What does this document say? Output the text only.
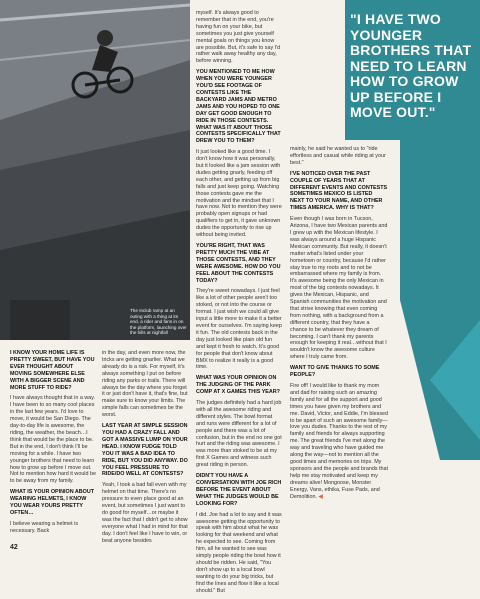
The Inclub ramp at an outing with a thing at its end, a rider and fans in on the platform, launching over the hills at nightfall
"I HAVE TWO YOUNGER BROTHERS THAT NEED TO LEARN HOW TO GROW UP BEFORE I MOVE OUT."

I KNOW YOUR HOME LIFE IS PRETTY SWEET, BUT HAVE YOU EVER THOUGHT ABOUT MOVING SOMEWHERE ELSE WITH A BIGGER SCENE AND MORE STUFF TO RIDE?

I have always thought that in a way. I have been to so many cool places in the last few years. I'd love to move, it would be San Diego. The day-to-day life is awesome, the riding, the weather, the beach…I think that would be the place to be. But in the end, I don't think I'll be moving for a while. I have two younger brothers that need to learn how to grow up before I move out. Not to mention how hard it would be to be away from my family.

WHAT IS YOUR OPINION ABOUT WEARING HELMETS, I KNOW YOU WEAR YOURS PRETTY OFTEN…

I believe wearing a helmet is necessary. Back

in the day, and even more now, the tricks are getting gnarlier. What we already do is a risk. For myself, it's always something I put on before riding any parks or trails. There will always be the day where you forget it or just don't have it, that's fine, but make sure to know your limits. The simple falls can sometimes be the worst.

LAST YEAR AT SIMPLE SESSION YOU HAD A CRAZY FALL AND GOT A MASSIVE LUMP ON YOUR HEAD. I KNOW FUDGE TOLD YOU IT WAS A BAD IDEA TO RIDE, BUT YOU DID ANYWAY. DO YOU FEEL PRESSURE TO RIDE/DO WELL AT CONTESTS?

Yeah, I took a bad fall even with my helmet on that time. There's no pressure to even place good at an event, but sometimes I just want to do good for myself…or maybe it was the fact that I didn't get to show everyone what I had in mind for that day. I don't feel like I have to win, or beat anyone besides

myself. It's always good to remember that in the end, you're having fun on your bike, but sometimes you just give yourself mental goals on things you know are possible. But, it's safe to say I'd rather walk away healthy any day, before winning.

YOU MENTIONED TO ME HOW WHEN YOU WERE YOUNGER YOU'D SEE FOOTAGE OF CONTESTS LIKE THE BACKYARD JAMS AND METRO JAMS AND YOU HOPED TO ONE DAY GET GOOD ENOUGH TO RIDE IN THOSE CONTESTS. WHAT WAS IT ABOUT THOSE CONTESTS SPECIFICALLY THAT DREW YOU TO THEM?

It just looked like a good time. I don't know how it was personally, but it looked like a jam session with dudes getting gnarly, feeding off each other, and getting up from big falls and just keep going. Watching those contests gave me the motivation and the mindset that I have now. Not to mention they were probably open signups or had qualifiers to get in, it gave unknown dudes the opportunity to rise up without being invited.

YOU'RE RIGHT, THAT WAS PRETTY MUCH THE VIBE AT THOSE CONTESTS, AND THEY WERE AWESOME. HOW DO YOU FEEL ABOUT THE CONTESTS TODAY?

They're sweet nowadays. I just feel like a lot of other people aren't too stoked, or not into the course or format. I just wish we could all give input a little more to make it a better event for ourselves. I'm saying keep it fun. The old contests back in the day just looked like plain old fun and kept it fresh to watch. It's good for people that don't know about BMX to realize it really is a good time.

WHAT WAS YOUR OPINION ON THE JUDGING OF THE PARK COMP AT X GAMES THIS YEAR?

The judges definitely had a hard job with all the awesome riding and different styles. The bowl format and runs were different for a lot of people and there was a lot of confusion, but in the end no one got hurt and the riding was awesome. I was more than stoked to be at my first X Games and witness such great riding in person.

DIDN'T YOU HAVE A CONVERSATION WITH JOE RICH BEFORE THE EVENT ABOUT WHAT THE JUDGES WOULD BE LOOKING FOR?

I did. Joe had a lot to say and it was awesome getting the opportunity to speak with him about what he was looking for that weekend and what he expected to see. Coming from him, all he wanted to see was simply people riding the bowl how it should be ridden. He said, "You don't show up to a local bowl wanting to do your big tricks, but find the lines and flow it like a local should." But

mainly, he said he wanted us to "ride effortless and casual while riding at your best."

I'VE NOTICED OVER THE PAST COUPLE OF YEARS THAT AT DIFFERENT EVENTS AND CONTESTS SOMETIMES MEXICO IS LISTED NEXT TO YOUR NAME, AND OTHER TIMES AMERICA. WHY IS THAT?

Even though I was born in Tucson, Arizona, I have two Mexican parents and I grew up with the Mexican lifestyle. I was always around a huge Hispanic Mexican community. But really, it doesn't matter what's listed under your hometown or country, because I'd rather stay true to my roots and to not be embarrassed where my family is from. It's awesome being the only Mexican in most of the big contests nowadays. It gives the Mexican, Hispanic, and Spanish communities the motivation and that strive knowing that even coming from nothing, with a background from a different country, that they have a chance to be whatever they dream of becoming. I can't thank my parents enough for keeping it real…without that I wouldn't know the awesome culture where I truly came from.

WANT TO GIVE THANKS TO SOME PEOPLE?

Fire off! I would like to thank my mom and dad for raising such an amazing family and for all the support and good times you have given my brothers and me. David, Victor, and Eddie, I'm blessed to be apart of such an awesome family—love you dudes. Thanks to the rest of my family and friends for always supporting me. The great friends I've met along the way and traveling who have guided me along the way—not to mention all the good times and memories on trips. My sponsors and the people and brands that help me stay motivated and keep my dreams alive! Mongoose, Monster Energy, Vans, ethika, Fuse Pads, and Demolition. ◀

42
